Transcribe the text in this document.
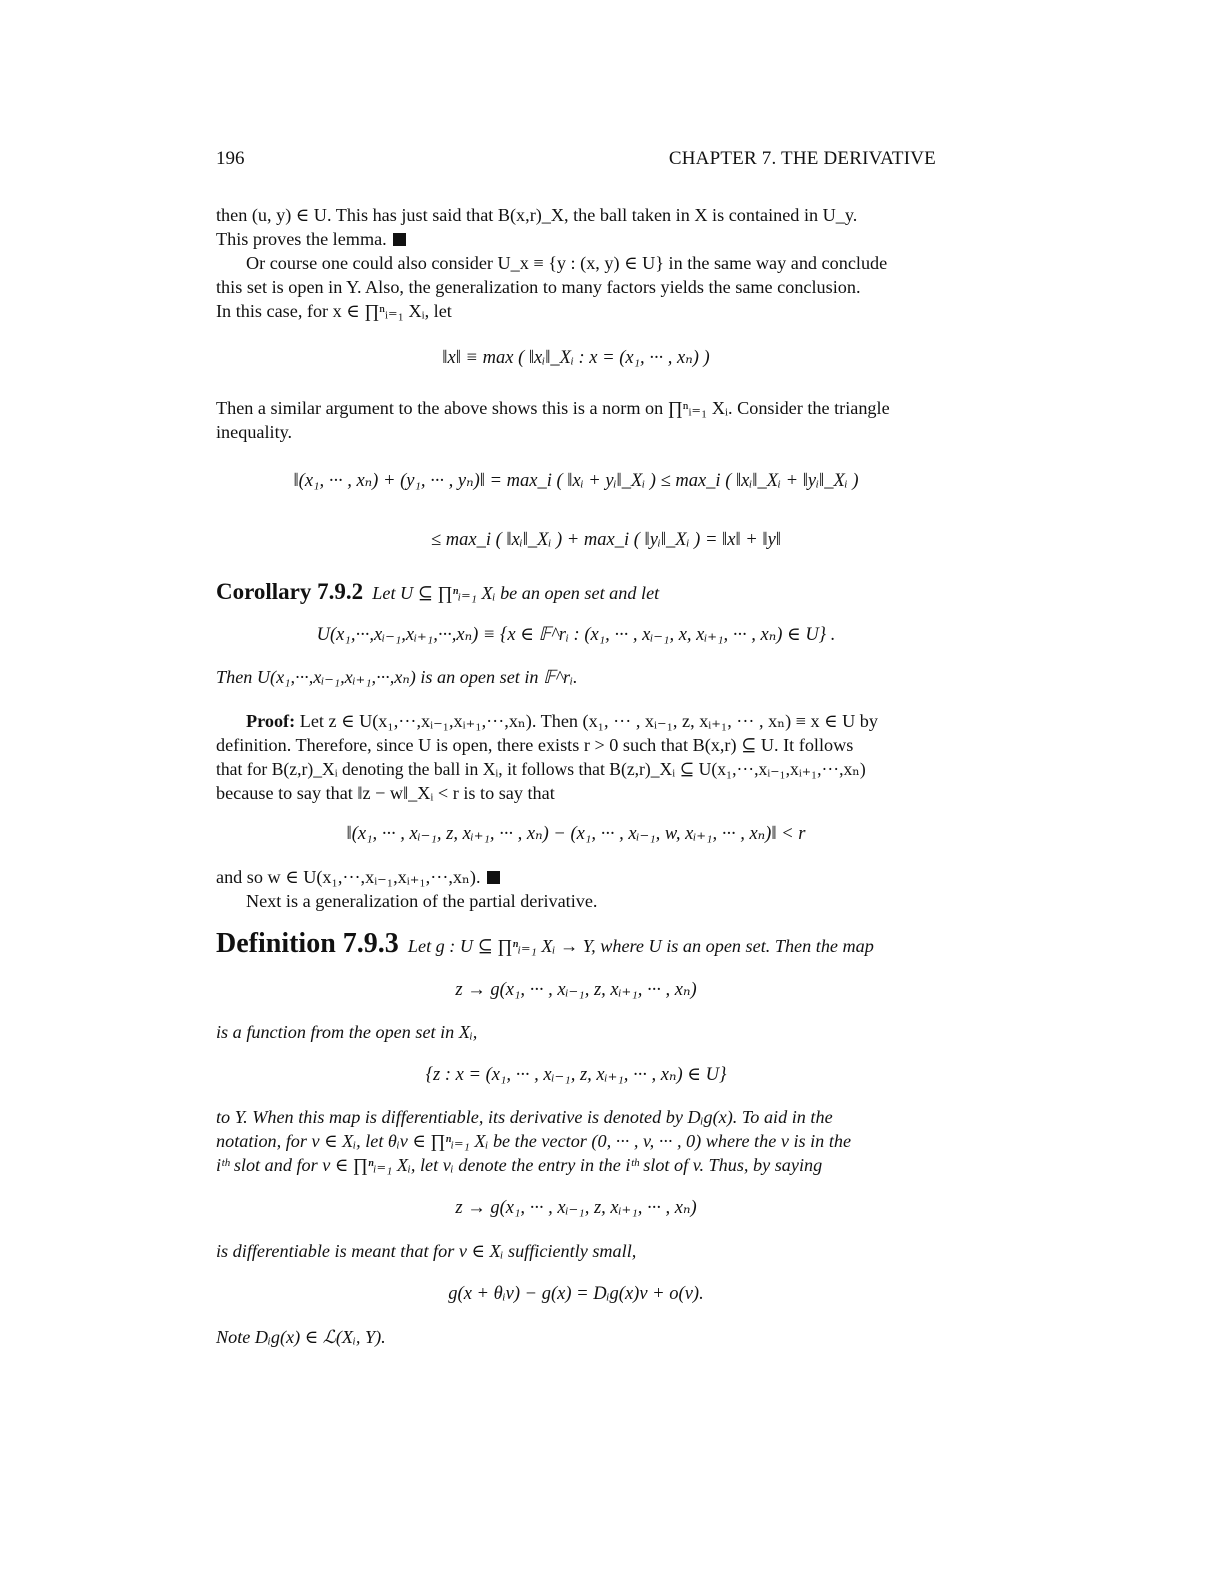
196	CHAPTER 7. THE DERIVATIVE
then (u, y) ∈ U. This has just said that B(x,r)_X, the ball taken in X is contained in U_y.
This proves the lemma.
Or course one could also consider U_x ≡ {y : (x, y) ∈ U} in the same way and conclude
this set is open in Y. Also, the generalization to many factors yields the same conclusion.
In this case, for x ∈ ∏ⁿᵢ₌₁ Xᵢ, let
‖x‖ ≡ max ( ‖xᵢ‖_Xᵢ : x = (x₁, ··· , xₙ) )
Then a similar argument to the above shows this is a norm on ∏ⁿᵢ₌₁ Xᵢ. Consider the triangle
inequality.
‖(x₁, ··· , xₙ) + (y₁, ··· , yₙ)‖ = max_i ( ‖xᵢ + yᵢ‖_Xᵢ ) ≤ max_i ( ‖xᵢ‖_Xᵢ + ‖yᵢ‖_Xᵢ )
≤ max_i ( ‖xᵢ‖_Xᵢ ) + max_i ( ‖yᵢ‖_Xᵢ ) = ‖x‖ + ‖y‖
Corollary 7.9.2 Let U ⊆ ∏ⁿᵢ₌₁ Xᵢ be an open set and let
U(x₁,···,xᵢ₋₁,xᵢ₊₁,···,xₙ) ≡ {x ∈ 𝔽^rᵢ : (x₁, ··· , xᵢ₋₁, x, xᵢ₊₁, ··· , xₙ) ∈ U} .
Then U(x₁,···,xᵢ₋₁,xᵢ₊₁,···,xₙ) is an open set in 𝔽^rᵢ.
Proof: Let z ∈ U(x₁,···,xᵢ₋₁,xᵢ₊₁,···,xₙ). Then (x₁, ··· , xᵢ₋₁, z, xᵢ₊₁, ··· , xₙ) ≡ x ∈ U by
definition. Therefore, since U is open, there exists r > 0 such that B(x,r) ⊆ U. It follows
that for B(z,r)_Xᵢ denoting the ball in Xᵢ, it follows that B(z,r)_Xᵢ ⊆ U(x₁,···,xᵢ₋₁,xᵢ₊₁,···,xₙ)
because to say that ‖z − w‖_Xᵢ < r is to say that
‖(x₁, ··· , xᵢ₋₁, z, xᵢ₊₁, ··· , xₙ) − (x₁, ··· , xᵢ₋₁, w, xᵢ₊₁, ··· , xₙ)‖ < r
and so w ∈ U(x₁,···,xᵢ₋₁,xᵢ₊₁,···,xₙ).
Next is a generalization of the partial derivative.
Definition 7.9.3 Let g : U ⊆ ∏ⁿᵢ₌₁ Xᵢ → Y, where U is an open set. Then the map
z → g(x₁, ··· , xᵢ₋₁, z, xᵢ₊₁, ··· , xₙ)
is a function from the open set in Xᵢ,
{z : x = (x₁, ··· , xᵢ₋₁, z, xᵢ₊₁, ··· , xₙ) ∈ U}
to Y. When this map is differentiable, its derivative is denoted by Dᵢg(x). To aid in the
notation, for v ∈ Xᵢ, let θᵢv ∈ ∏ⁿᵢ₌₁ Xᵢ be the vector (0, ··· , v, ··· , 0) where the v is in the
iᵗʰ slot and for v ∈ ∏ⁿᵢ₌₁ Xᵢ, let vᵢ denote the entry in the iᵗʰ slot of v. Thus, by saying
z → g(x₁, ··· , xᵢ₋₁, z, xᵢ₊₁, ··· , xₙ)
is differentiable is meant that for v ∈ Xᵢ sufficiently small,
g(x + θᵢv) − g(x) = Dᵢg(x)v + o(v).
Note Dᵢg(x) ∈ ℒ(Xᵢ, Y).
